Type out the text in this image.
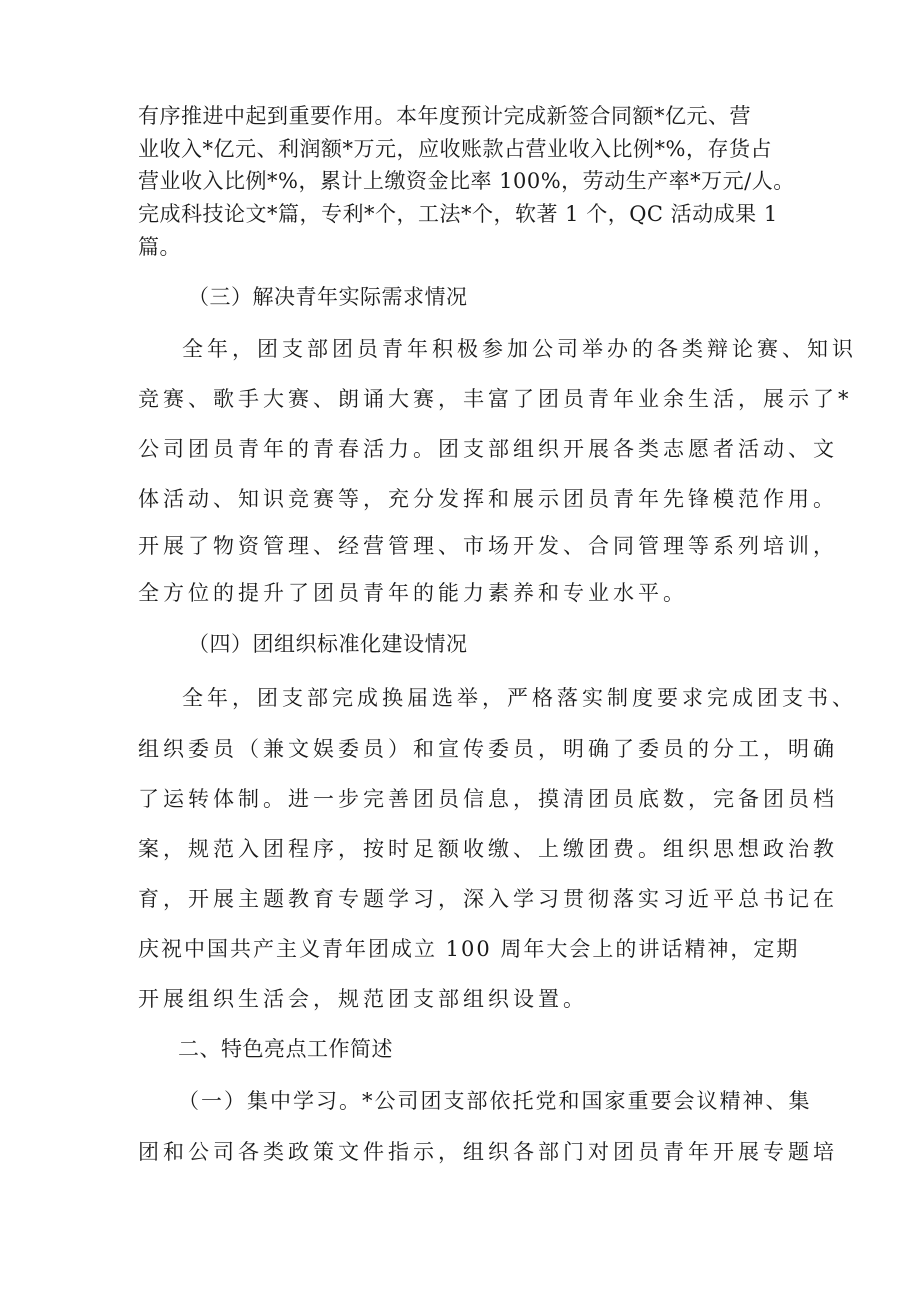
有序推进中起到重要作用。本年度预计完成新签合同额*亿元、营
业收入*亿元、利润额*万元，应收账款占营业收入比例*%，存货占
营业收入比例*%，累计上缴资金比率 100%，劳动生产率*万元/人。
完成科技论文*篇，专利*个，工法*个，软著 1 个，QC 活动成果 1
篇。
（三）解决青年实际需求情况
全年，团支部团员青年积极参加公司举办的各类辩论赛、知识
竞赛、歌手大赛、朗诵大赛，丰富了团员青年业余生活，展示了*
公司团员青年的青春活力。团支部组织开展各类志愿者活动、文
体活动、知识竞赛等，充分发挥和展示团员青年先锋模范作用。
开展了物资管理、经营管理、市场开发、合同管理等系列培训，
全方位的提升了团员青年的能力素养和专业水平。
（四）团组织标准化建设情况
全年，团支部完成换届选举，严格落实制度要求完成团支书、
组织委员（兼文娱委员）和宣传委员，明确了委员的分工，明确
了运转体制。进一步完善团员信息，摸清团员底数，完备团员档
案，规范入团程序，按时足额收缴、上缴团费。组织思想政治教
育，开展主题教育专题学习，深入学习贯彻落实习近平总书记在
庆祝中国共产主义青年团成立 100 周年大会上的讲话精神，定期
开展组织生活会，规范团支部组织设置。
二、特色亮点工作简述
（一）集中学习。*公司团支部依托党和国家重要会议精神、集
团和公司各类政策文件指示，组织各部门对团员青年开展专题培
